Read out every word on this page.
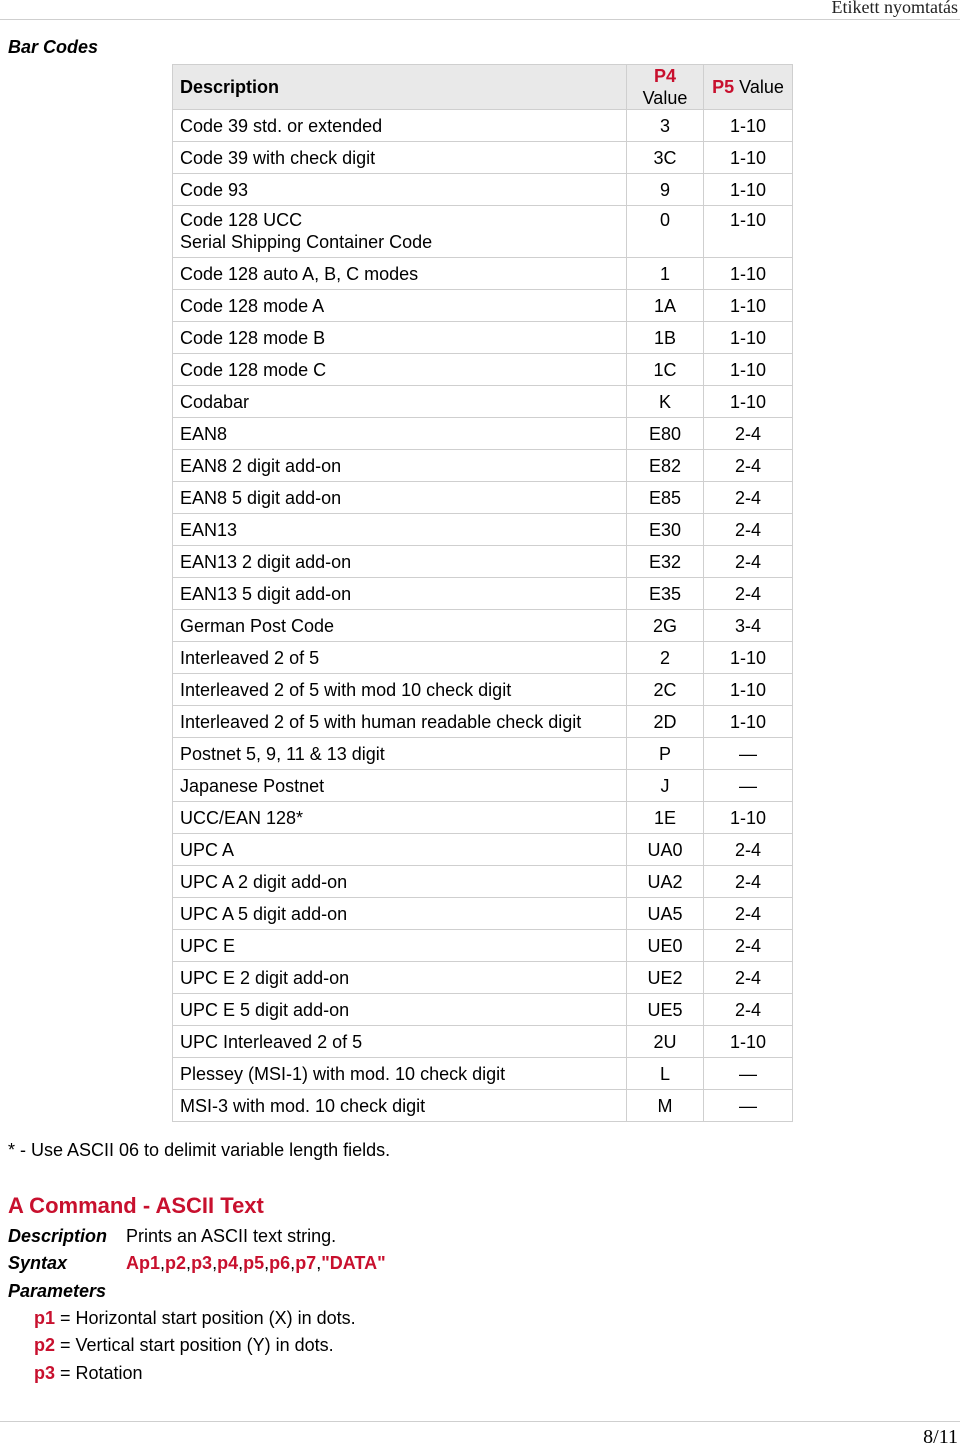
Etikett nyomtatás
Bar Codes
Description	P4 Value	P5 Value

Code 39 std. or extended	3	1-10

Code 39 with check digit	3C	1-10

Code 93	9	1-10

Code 128 UCC
Serial Shipping Container Code	0	1-10

Code 128 auto A, B, C modes	1	1-10

Code 128 mode A	1A	1-10

Code 128 mode B	1B	1-10

Code 128 mode C	1C	1-10

Codabar	K	1-10

EAN8	E80	2-4

EAN8 2 digit add-on	E82	2-4

EAN8 5 digit add-on	E85	2-4

EAN13	E30	2-4

EAN13 2 digit add-on	E32	2-4

EAN13 5 digit add-on	E35	2-4

German Post Code	2G	3-4

Interleaved 2 of 5	2	1-10

Interleaved 2 of 5 with mod 10 check digit	2C	1-10

Interleaved 2 of 5 with human readable check digit	2D	1-10

Postnet 5, 9, 11 & 13 digit	P	—

Japanese Postnet	J	—

UCC/EAN 128*	1E	1-10

UPC A	UA0	2-4

UPC A 2 digit add-on	UA2	2-4

UPC A 5 digit add-on	UA5	2-4

UPC E	UE0	2-4

UPC E 2 digit add-on	UE2	2-4

UPC E 5 digit add-on	UE5	2-4

UPC Interleaved 2 of 5	2U	1-10

Plessey (MSI-1) with mod. 10 check digit	L	—

MSI-3 with mod. 10 check digit	M	—
* - Use ASCII 06 to delimit variable length fields.
A Command - ASCII Text
Description Prints an ASCII text string.
Syntax	Ap1,p2,p3,p4,p5,p6,p7,"DATA"
Parameters
p1 = Horizontal start position (X) in dots.
p2 = Vertical start position (Y) in dots.
p3 = Rotation
8/11
